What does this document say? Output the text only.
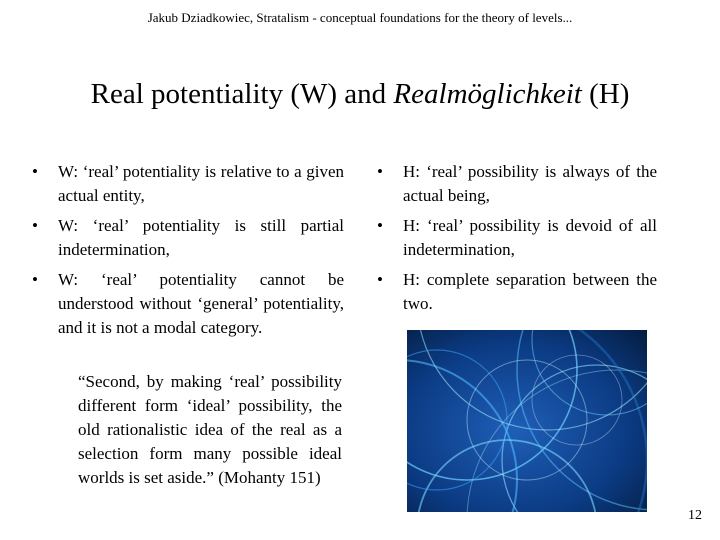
Jakub Dziadkowiec, Stratalism - conceptual foundations for the theory of levels...
Real potentiality (W) and Realmöglichkeit (H)
• W: ‘real’ potentiality is relative to a given actual entity,
• W: ‘real’ potentiality is still partial indetermination,
• W: ‘real’ potentiality cannot be understood without ‘general’ potentiality, and it is not a modal category.
“Second, by making ‘real’ possibility different form ‘ideal’ possibility, the old rationalistic idea of the real as a selection form many possible ideal worlds is set aside.” (Mohanty 151)
• H: ‘real’ possibility is always of the actual being,
• H: ‘real’ possibility is devoid of all indetermination,
• H: complete separation between the two.
12
